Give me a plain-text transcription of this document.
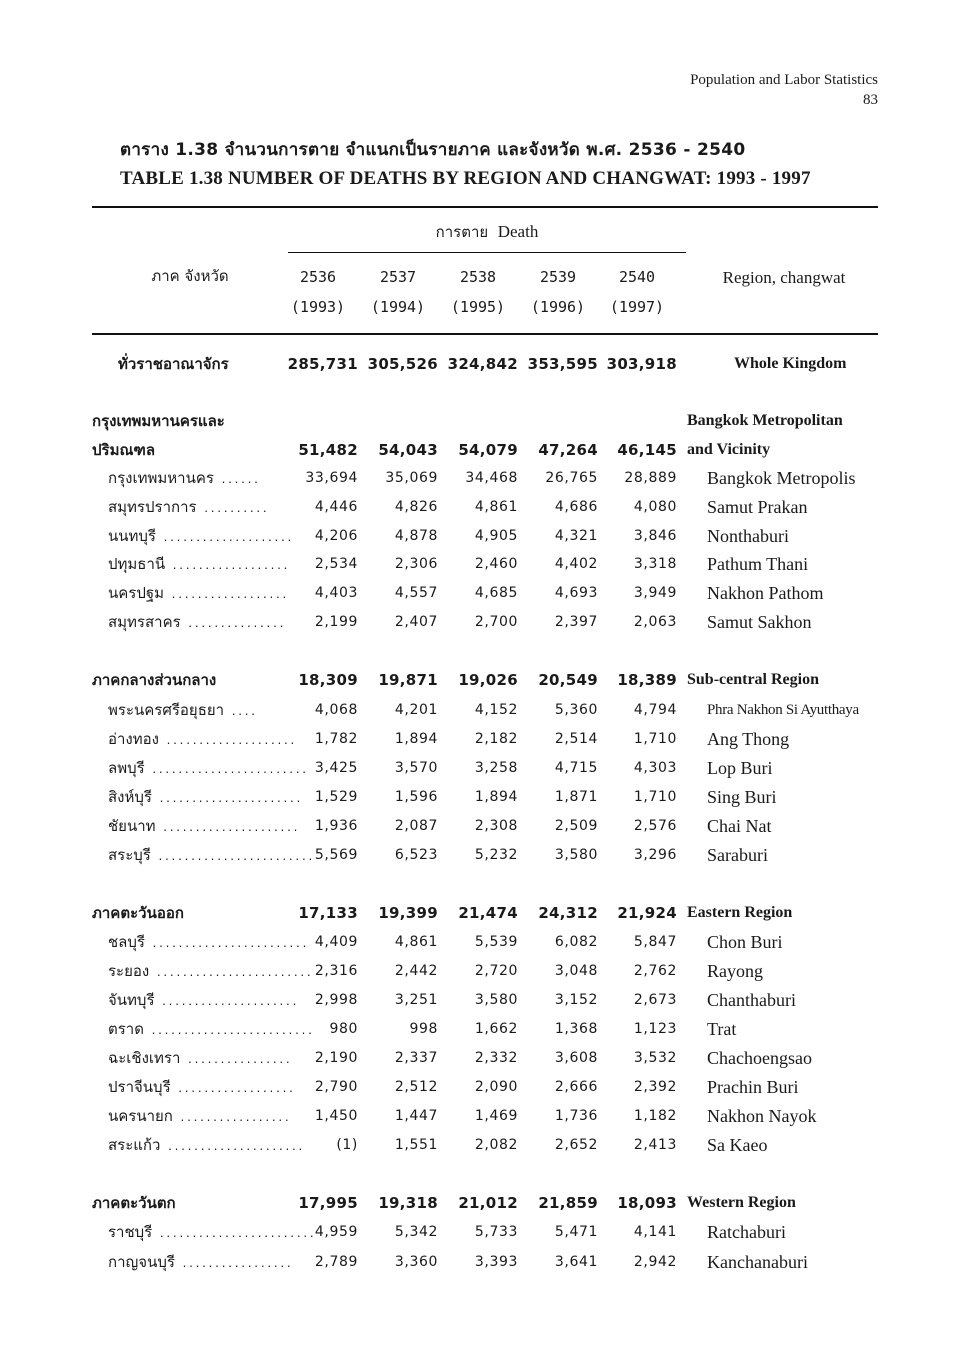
Population and Labor Statistics
83
ตาราง 1.38 จำนวนการตาย จำแนกเป็นรายภาค และจังหวัด พ.ศ. 2536 - 2540
TABLE 1.38 NUMBER OF DEATHS BY REGION AND CHANGWAT: 1993 - 1997
การตาย Death
ภาค จังหวัด	Region, changwat
2536
(1993)
2537
(1994)
2538
(1995)
2539
(1996)
2540
(1997)
ทั่วราชอาณาจักร	285,731 305,526 324,842 353,595 303,918	Whole Kingdom
กรุงเทพมหานครและ	Bangkok Metropolitan
ปริมณฑล	51,482	54,043	54,079	47,264	46,145 and Vicinity
กรุงเทพมหานคร ......	33,694	35,069	34,468	26,765	28,889 Bangkok Metropolis
สมุทรปราการ ..........	4,446	4,826	4,861	4,686	4,080 Samut Prakan
นนทบุรี ....................	4,206	4,878	4,905	4,321	3,846 Nonthaburi
ปทุมธานี ..................	2,534	2,306	2,460	4,402	3,318 Pathum Thani
นครปฐม ..................	4,403	4,557	4,685	4,693	3,949 Nakhon Pathom
สมุทรสาคร ...............	2,199	2,407	2,700	2,397	2,063 Samut Sakhon
ภาคกลางส่วนกลาง	18,309	19,871	19,026	20,549	18,389 Sub-central Region
พระนครศรีอยุธยา ....	4,068	4,201	4,152	5,360	4,794 Phra Nakhon Si Ayutthaya
อ่างทอง ....................	1,782	1,894	2,182	2,514	1,710 Ang Thong
ลพบุรี ........................ 3,425	3,570	3,258	4,715	4,303 Lop Buri
สิงห์บุรี ...................... 1,529	1,596	1,894	1,871	1,710 Sing Buri
ชัยนาท .....................	1,936	2,087	2,308	2,509	2,576 Chai Nat
สระบุรี ........................ 5,569	6,523	5,232	3,580	3,296 Saraburi
ภาคตะวันออก	17,133	19,399	21,474	24,312	21,924 Eastern Region
ชลบุรี ........................ 4,409	4,861	5,539	6,082	5,847 Chon Buri
ระยอง ........................ 2,316	2,442	2,720	3,048	2,762 Rayong
จันทบุรี .....................	2,998	3,251	3,580	3,152	2,673 Chanthaburi
ตราด .........................	980	998	1,662	1,368	1,123 Trat
ฉะเชิงเทรา ................	2,190	2,337	2,332	3,608	3,532 Chachoengsao
ปราจีนบุรี ..................	2,790	2,512	2,090	2,666	2,392 Prachin Buri
นครนายก .................	1,450	1,447	1,469	1,736	1,182 Nakhon Nayok
สระแก้ว .....................	(1)	1,551	2,082	2,652	2,413 Sa Kaeo
ภาคตะวันตก	17,995	19,318	21,012	21,859	18,093 Western Region
ราชบุรี ........................ 4,959	5,342	5,733	5,471	4,141 Ratchaburi
กาญจนบุรี .................	2,789	3,360	3,393	3,641	2,942 Kanchanaburi
